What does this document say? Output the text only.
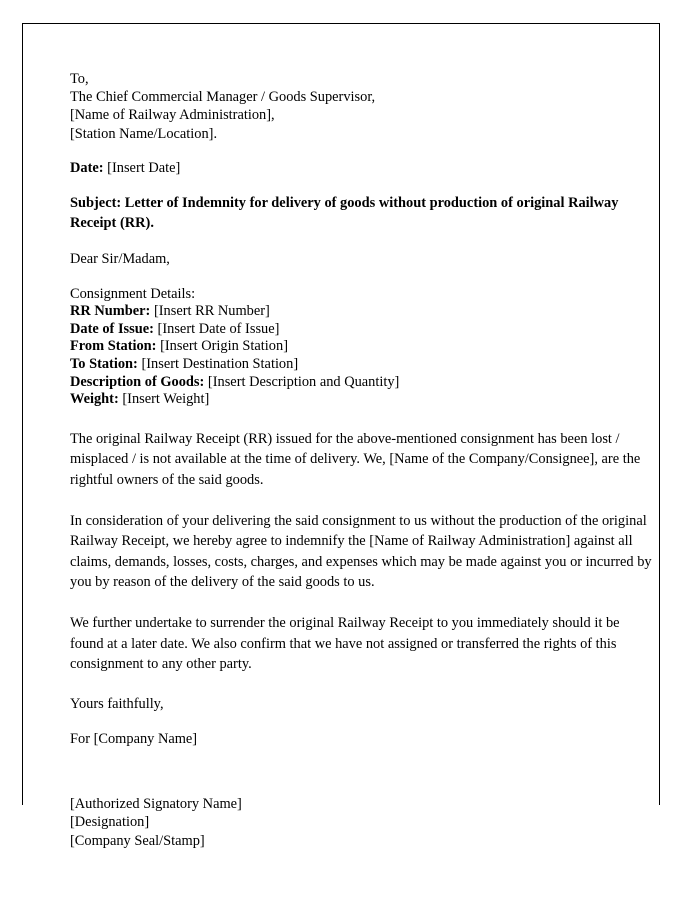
To,
The Chief Commercial Manager / Goods Supervisor,
[Name of Railway Administration],
[Station Name/Location].
Date: [Insert Date]
Subject: Letter of Indemnity for delivery of goods without production of original Railway Receipt (RR).
Dear Sir/Madam,
Consignment Details:
RR Number: [Insert RR Number]
Date of Issue: [Insert Date of Issue]
From Station: [Insert Origin Station]
To Station: [Insert Destination Station]
Description of Goods: [Insert Description and Quantity]
Weight: [Insert Weight]
The original Railway Receipt (RR) issued for the above-mentioned consignment has been lost / misplaced / is not available at the time of delivery. We, [Name of the Company/Consignee], are the rightful owners of the said goods.
In consideration of your delivering the said consignment to us without the production of the original Railway Receipt, we hereby agree to indemnify the [Name of Railway Administration] against all claims, demands, losses, costs, charges, and expenses which may be made against you or incurred by you by reason of the delivery of the said goods to us.
We further undertake to surrender the original Railway Receipt to you immediately should it be found at a later date. We also confirm that we have not assigned or transferred the rights of this consignment to any other party.
Yours faithfully,
For [Company Name]
[Authorized Signatory Name]
[Designation]
[Company Seal/Stamp]
